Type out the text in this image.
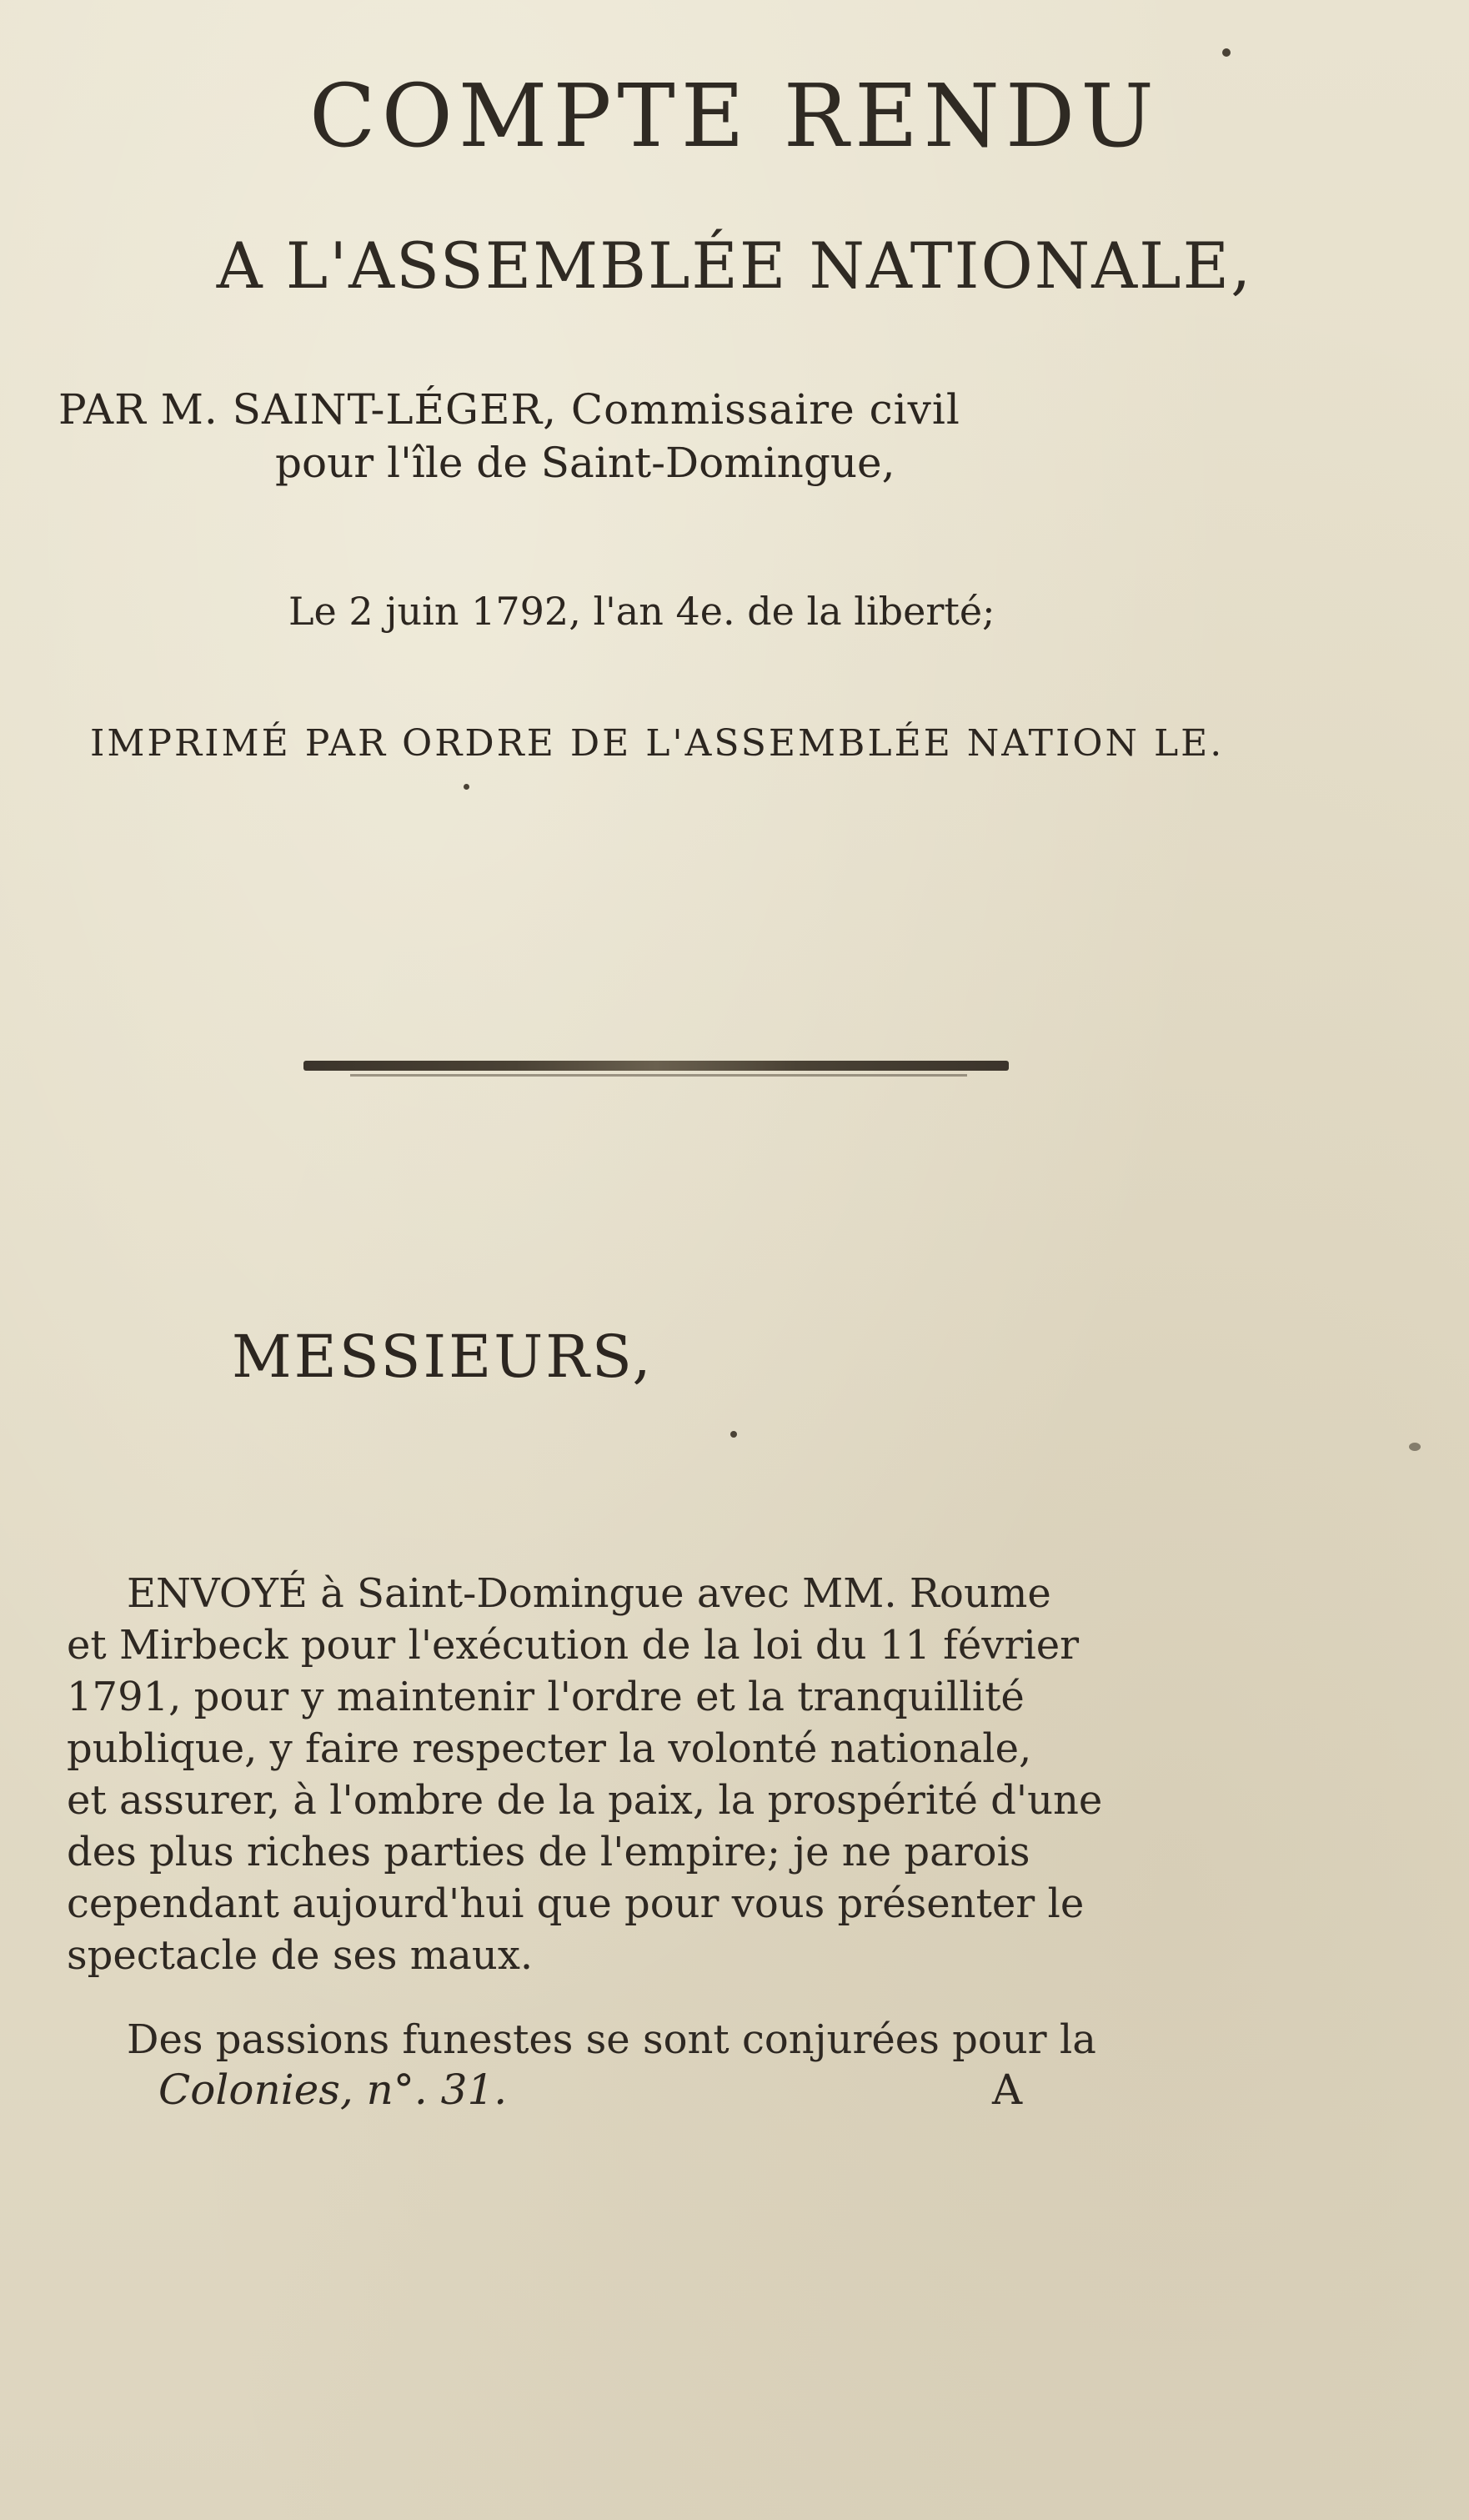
COMPTE RENDU
A L'ASSEMBLÉE NATIONALE,
PAR M. SAINT-LÉGER, Commissaire civil
pour l'île de Saint-Domingue,
Le 2 juin 1792, l'an 4e. de la liberté;
IMPRIMÉ PAR ORDRE DE L'ASSEMBLÉE NATION LE.
MESSIEURS,

ENVOYÉ à Saint-Domingue avec MM. Roume

et Mirbeck pour l'exécution de la loi du 11 février

1791, pour y maintenir l'ordre et la tranquillité

publique, y faire respecter la volonté nationale,

et assurer, à l'ombre de la paix, la prospérité d'une

des plus riches parties de l'empire; je ne parois

cependant aujourd'hui que pour vous présenter le

spectacle de ses maux.

Des passions funestes se sont conjurées pour la

Colonies, n°. 31.	A
